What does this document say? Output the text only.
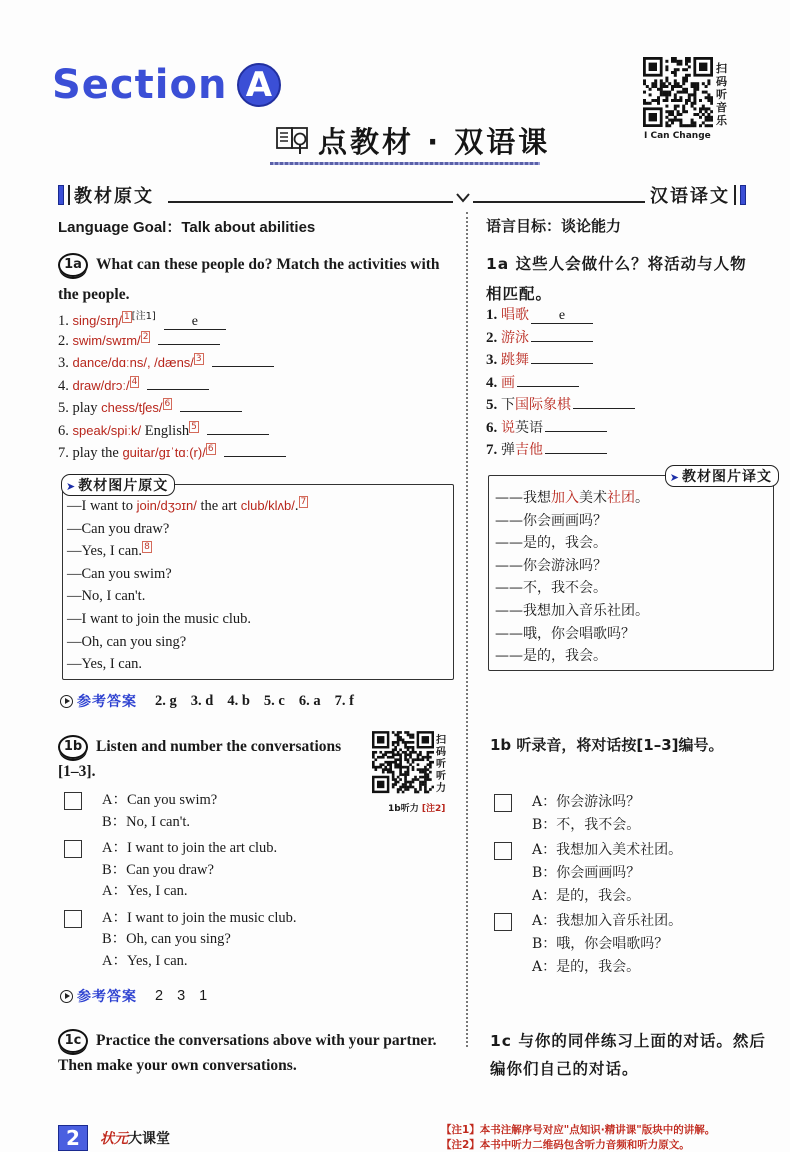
Section A
点教材 · 双语课
扫码听音乐
I Can Change
教材原文	汉语译文
Language Goal：Talk about abilities
1a What can these people do? Match the activities with the people.
1. sing/sɪŋ/ 1 [注1]	e
2. swim/swɪm/ 2
3. dance/dɑːns/, /dæns/ 3
4. draw/drɔː/ 4
5. play chess/tʃes/ 6
6. speak/spiːk/ English 5
7. play the guitar/ɡɪˈtɑː(r)/ 6
➤ 教材图片原文
—I want to join/dʒɔɪn/ the art club/klʌb/. 7
—Can you draw?
—Yes, I can. 8
—Can you swim?
—No, I can't.
—I want to join the music club.
—Oh, can you sing?
—Yes, I can.
参考答案 2. g 3. d 4. b 5. c 6. a 7. f
1b Listen and number the conversations
[1–3].
扫码听听力
1b听力 [注2]
A：Can you swim?
B：No, I can't.
A：I want to join the art club.
B：Can you draw?
A：Yes, I can.
A：I want to join the music club.
B：Oh, can you sing?
A：Yes, I can.
参考答案 2 3 1
1c Practice the conversations above with your partner.
Then make your own conversations.
语言目标：谈论能力
1a 这些人会做什么？将活动与人物
相匹配。
1. 唱歌 e
2. 游泳
3. 跳舞
4. 画
5. 下国际象棋
6. 说英语
7. 弹吉他
➤ 教材图片译文
——我想加入美术社团。
——你会画画吗？
——是的，我会。
——你会游泳吗？
——不，我不会。
——我想加入音乐社团。
——哦，你会唱歌吗？
——是的，我会。
1b 听录音，将对话按[1–3]编号。
A：你会游泳吗？
B：不，我不会。
A：我想加入美术社团。
B：你会画画吗？
A：是的，我会。
A：我想加入音乐社团。
B：哦，你会唱歌吗？
A：是的，我会。
1c 与你的同伴练习上面的对话。然后
编你们自己的对话。
2	状元大课堂
【注1】本书注解序号对应"点知识·精讲课"版块中的讲解。
【注2】本书中听力二维码包含听力音频和听力原文。
